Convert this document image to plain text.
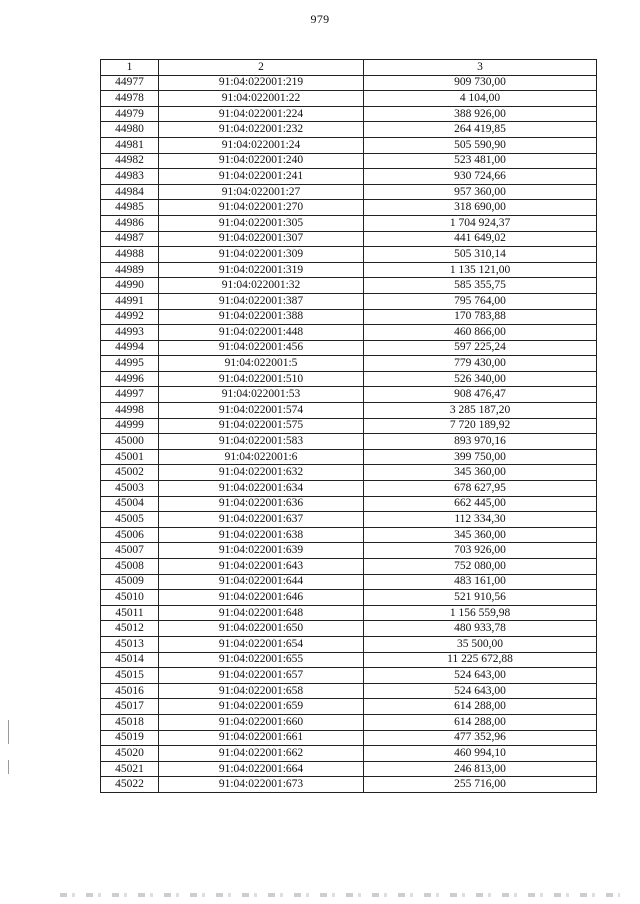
979
1	2	3
44977	91:04:022001:219	909 730,00
44978	91:04:022001:22	4 104,00
44979	91:04:022001:224	388 926,00
44980	91:04:022001:232	264 419,85
44981	91:04:022001:24	505 590,90
44982	91:04:022001:240	523 481,00
44983	91:04:022001:241	930 724,66
44984	91:04:022001:27	957 360,00
44985	91:04:022001:270	318 690,00
44986	91:04:022001:305	1 704 924,37
44987	91:04:022001:307	441 649,02
44988	91:04:022001:309	505 310,14
44989	91:04:022001:319	1 135 121,00
44990	91:04:022001:32	585 355,75
44991	91:04:022001:387	795 764,00
44992	91:04:022001:388	170 783,88
44993	91:04:022001:448	460 866,00
44994	91:04:022001:456	597 225,24
44995	91:04:022001:5	779 430,00
44996	91:04:022001:510	526 340,00
44997	91:04:022001:53	908 476,47
44998	91:04:022001:574	3 285 187,20
44999	91:04:022001:575	7 720 189,92
45000	91:04:022001:583	893 970,16
45001	91:04:022001:6	399 750,00
45002	91:04:022001:632	345 360,00
45003	91:04:022001:634	678 627,95
45004	91:04:022001:636	662 445,00
45005	91:04:022001:637	112 334,30
45006	91:04:022001:638	345 360,00
45007	91:04:022001:639	703 926,00
45008	91:04:022001:643	752 080,00
45009	91:04:022001:644	483 161,00
45010	91:04:022001:646	521 910,56
45011	91:04:022001:648	1 156 559,98
45012	91:04:022001:650	480 933,78
45013	91:04:022001:654	35 500,00
45014	91:04:022001:655	11 225 672,88
45015	91:04:022001:657	524 643,00
45016	91:04:022001:658	524 643,00
45017	91:04:022001:659	614 288,00
45018	91:04:022001:660	614 288,00
45019	91:04:022001:661	477 352,96
45020	91:04:022001:662	460 994,10
45021	91:04:022001:664	246 813,00
45022	91:04:022001:673	255 716,00
